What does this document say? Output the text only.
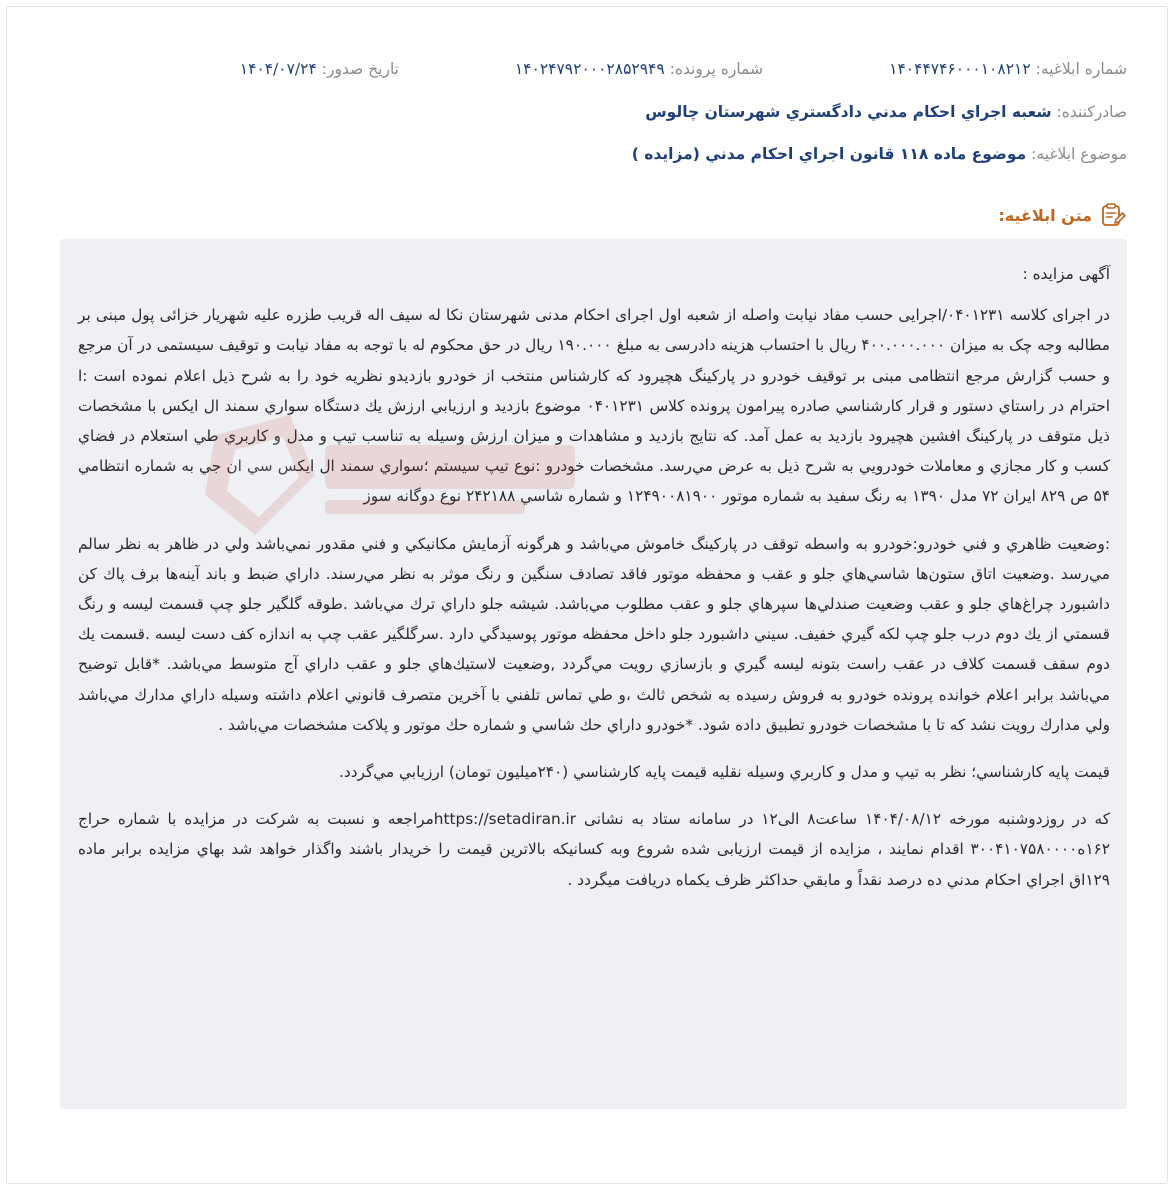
شماره ابلاغيه: ۱۴۰۴۴۷۴۶۰۰۰۱۰۸۲۱۲
شماره پرونده: ۱۴۰۲۴۷۹۲۰۰۰۲۸۵۲۹۴۹
تاريخ صدور: ۱۴۰۴/۰۷/۲۴
صادرکننده: شعبه اجراي احكام مدني دادگستري شهرستان چالوس
موضوع ابلاغيه: موضوع ماده ۱۱۸ قانون اجراي احكام مدني (مزايده )
متن ابلاغيه:

آگهی مزایده :

در اجرای کلاسه ۰۴۰۱۲۳۱/اجرایی حسب مفاد نیابت واصله از شعبه اول اجرای احکام مدنی شهرستان نکا له سیف اله قریب طزره علیه شهریار خزائی پول مبنی بر مطالبه وجه چک به میزان ۴۰۰.۰۰۰.۰۰۰ ریال با احتساب هزینه دادرسی به مبلغ ۱۹۰.۰۰۰ ریال در حق محکوم له با توجه به مفاد نیابت و توقیف سیستمی در آن مرجع و حسب گزارش مرجع انتظامی مبنی بر توقیف خودرو در پارکینگ هچیرود که کارشناس منتخب از خودرو بازدیدو نظریه خود را به شرح ذیل اعلام نموده است :ا احترام در راستاي دستور و قرار كارشناسي صادره پيرامون پرونده كلاس ۰۴۰۱۲۳۱ موضوع بازديد و ارزيابي ارزش يك دستگاه سواري سمند ال ايكس با مشخصات ذيل متوقف در پاركينگ افشين هچيرود بازديد به عمل آمد. كه نتايج بازديد و مشاهدات و ميزان ارزش وسيله به تناسب تيپ و مدل و كاربري طي استعلام در فضاي كسب و كار مجازي و معاملات خودرويي به شرح ذيل به عرض مي‌رسد. مشخصات خودرو :نوع تيپ سيستم ؛سواري سمند ال ايكس سي ان جي به شماره انتظامي ۵۴ ص ۸۲۹ ايران ۷۲ مدل ۱۳۹۰ به رنگ سفيد به شماره موتور ۱۲۴۹۰۰۸۱۹۰۰ و شماره شاسي ۲۴۲۱۸۸ نوع دوگانه سوز

:وضعيت ظاهري و فني خودرو:خودرو به واسطه توقف در پاركينگ خاموش مي‌باشد و هرگونه آزمايش مكانيكي و فني مقدور نمي‌باشد ولي در ظاهر به نظر سالم مي‌رسد .وضعيت اتاق ستون‌ها شاسي‌هاي جلو و عقب و محفظه موتور فاقد تصادف سنگين و رنگ موثر به نظر مي‌رسند. داراي ضبط و باند آينه‌ها برف پاك كن داشبورد چراغ‌هاي جلو و عقب وضعيت صندلي‌ها سپرهاي جلو و عقب مطلوب مي‌باشد. شيشه جلو داراي ترك مي‌باشد .طوقه گلگير جلو چپ قسمت ليسه و رنگ قسمتي از يك دوم درب جلو چپ لكه گيري خفيف. سيني داشبورد جلو داخل محفظه موتور پوسيدگي دارد .سرگلگير عقب چپ به اندازه كف دست ليسه .قسمت يك دوم سقف قسمت كلاف در عقب راست بتونه ليسه گيري و بازسازي رويت مي‌گردد ,وضعيت لاستيك‌هاي جلو و عقب داراي آج متوسط مي‌باشد. *قابل توضيح مي‌باشد برابر اعلام خوانده پرونده خودرو به فروش رسيده به شخص ثالث ،و طي تماس تلفني با آخرين متصرف قانوني اعلام داشته وسيله داراي مدارك مي‌باشد ولي مدارك رويت نشد كه تا با مشخصات خودرو تطبيق داده شود. *خودرو داراي حك شاسي و شماره حك موتور و پلاكت مشخصات مي‌باشد .

قيمت پايه كارشناسي؛ نظر به تيپ و مدل و كاربري وسيله نقليه قيمت پايه كارشناسي (۲۴۰ميليون تومان) ارزيابي مي‌گردد.

که در روزدوشنبه مورخه ۱۴۰۴/۰۸/۱۲ ساعت۸ الی۱۲ در سامانه ستاد به نشانی https://setadiran.irمراجعه و نسبت به شرکت در مزایده با شماره حراج ۱۶۲ه۳۰۰۴۱۰۷۵۸۰۰۰۰ اقدام نمایند ، مزایده از قیمت ارزیابی شده شروع وبه کسانیکه بالاترین قیمت را خریدار باشند واگذار خواهد شد بهاي مزايده برابر ماده ۱۲۹اق اجراي احكام مدني ده درصد نقداً و مابقي حداكثر ظرف يكماه دريافت ميگردد .
